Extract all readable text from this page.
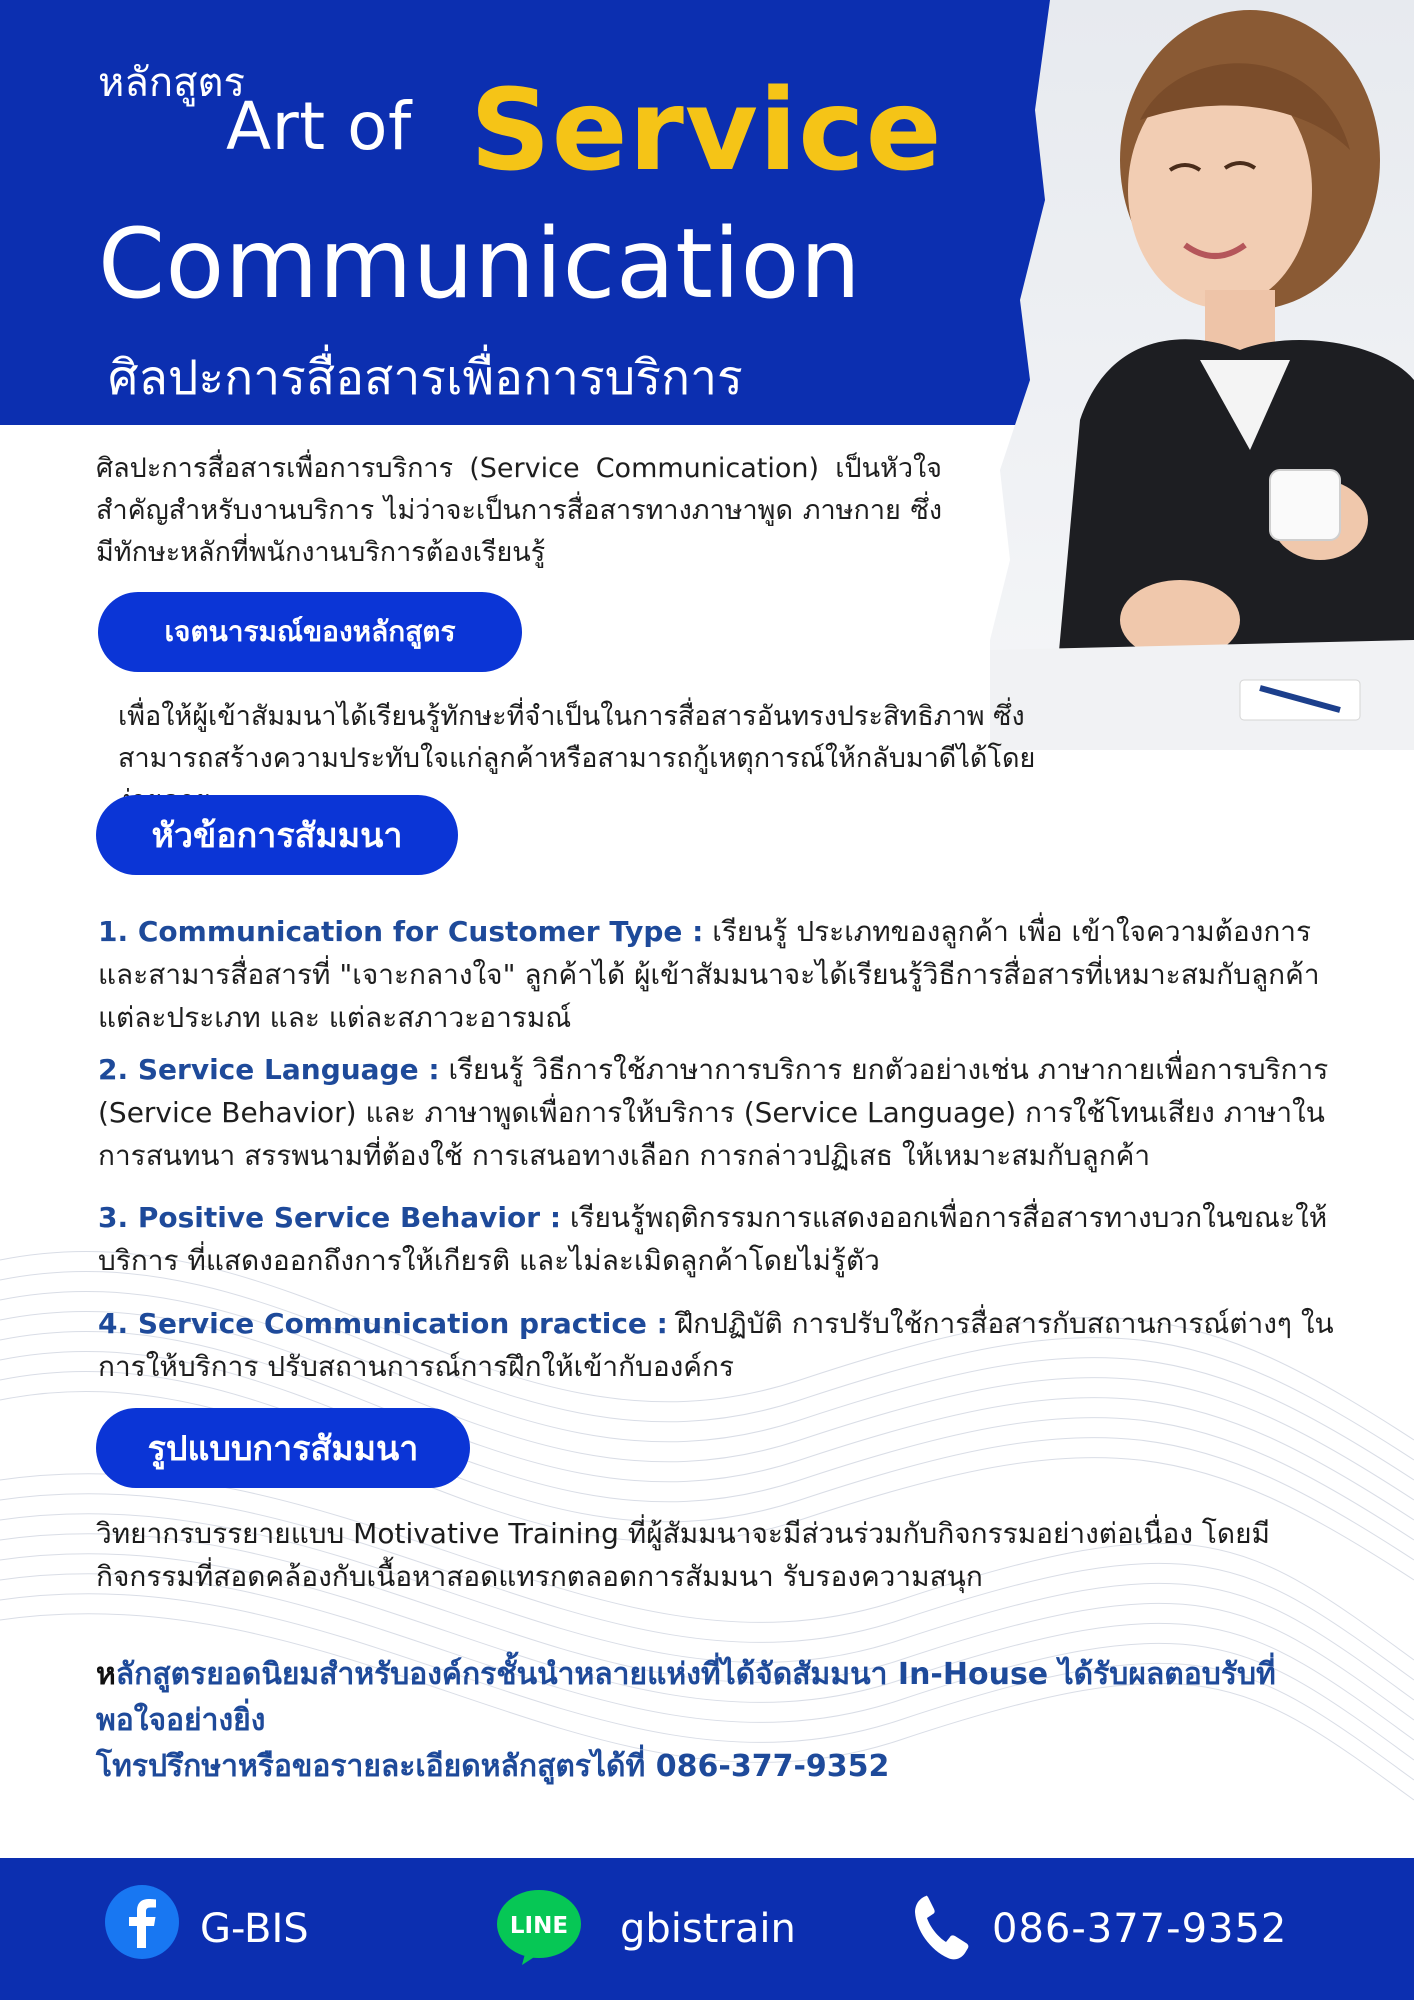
หลักสูตร
Art of Service
Communication
ศิลปะการสื่อสารเพื่อการบริการ
ศิลปะการสื่อสารเพื่อการบริการ (Service Communication) เป็นหัวใจสำคัญสำหรับงานบริการ ไม่ว่าจะเป็นการสื่อสารทางภาษาพูด ภาษกาย ซึ่งมีทักษะหลักที่พนักงานบริการต้องเรียนรู้
เจตนารมณ์ของหลักสูตร
เพื่อให้ผู้เข้าสัมมนาได้เรียนรู้ทักษะที่จำเป็นในการสื่อสารอันทรงประสิทธิภาพ ซึ่งสามารถสร้างความประทับใจแก่ลูกค้าหรือสามารถกู้เหตุการณ์ให้กลับมาดีได้โดย
หัวข้อการสัมมนา
1. Communication for Customer Type : เรียนรู้ ประเภทของลูกค้า เพื่อ เข้าใจความต้องการ และสามารสื่อสารที่ "เจาะกลางใจ" ลูกค้าได้ ผู้เข้าสัมมนาจะได้เรียนรู้วิธีการสื่อสารที่เหมาะสมกับลูกค้าแต่ละประเภท และ แต่ละสภาวะอารมณ์
2. Service Language : เรียนรู้ วิธีการใช้ภาษาการบริการ ยกตัวอย่างเช่น ภาษากายเพื่อการบริการ (Service Behavior) และ ภาษาพูดเพื่อการให้บริการ (Service Language) การใช้โทนเสียง ภาษาในการสนทนา สรรพนามที่ต้องใช้ การเสนอทางเลือก การกล่าวปฏิเสธ ให้เหมาะสมกับลูกค้า
3. Positive Service Behavior : เรียนรู้พฤติกรรมการแสดงออกเพื่อการสื่อสารทางบวกในขณะให้บริการ ที่แสดงออกถึงการให้เกียรติ และไม่ละเมิดลูกค้าโดยไม่รู้ตัว
4. Service Communication practice : ฝึกปฏิบัติ การปรับใช้การสื่อสารกับสถานการณ์ต่างๆ ในการให้บริการ ปรับสถานการณ์การฝึกให้เข้ากับองค์กร
รูปแบบการสัมมนา
วิทยากรบรรยายแบบ Motivative Training ที่ผู้สัมมนาจะมีส่วนร่วมกับกิจกรรมอย่างต่อเนื่อง โดยมีกิจกรรมที่สอดคล้องกับเนื้อหาสอดแทรกตลอดการสัมมนา รับรองความสนุก
หลักสูตรยอดนิยมสำหรับองค์กรชั้นนำหลายแห่งที่ได้จัดสัมมนา In-House ได้รับผลตอบรับที่พอใจอย่างยิ่ง
โทรปรึกษาหรือขอรายละเอียดหลักสูตรได้ที่ 086-377-9352
G-BIS	LINE gbistrain	086-377-9352
